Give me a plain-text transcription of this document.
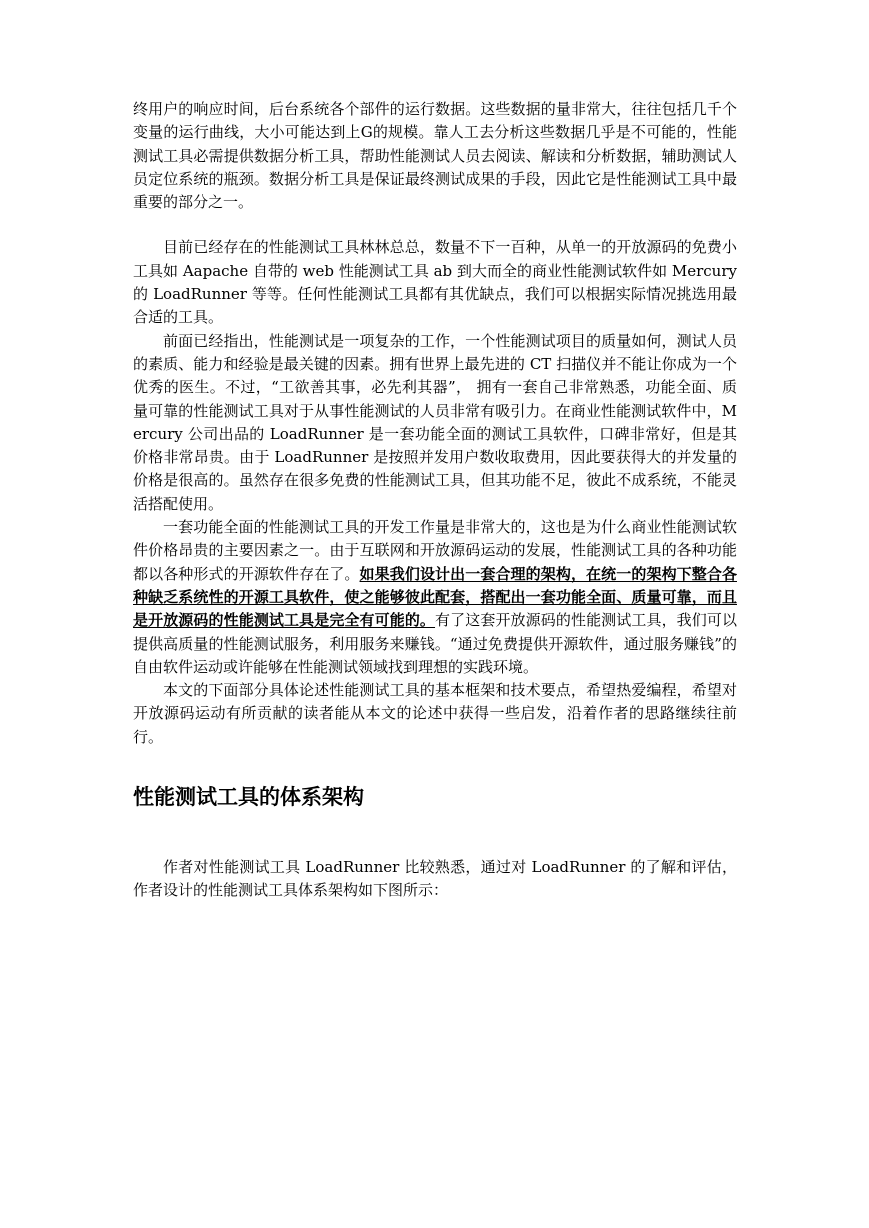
终用户的响应时间，后台系统各个部件的运行数据。这些数据的量非常大，往往包括几千个变量的运行曲线，大小可能达到上G的规模。靠人工去分析这些数据几乎是不可能的，性能测试工具必需提供数据分析工具，帮助性能测试人员去阅读、解读和分析数据，辅助测试人员定位系统的瓶颈。数据分析工具是保证最终测试成果的手段，因此它是性能测试工具中最重要的部分之一。

目前已经存在的性能测试工具林林总总，数量不下一百种，从单一的开放源码的免费小工具如 Aapache 自带的 web 性能测试工具 ab 到大而全的商业性能测试软件如 Mercury 的 LoadRunner 等等。任何性能测试工具都有其优缺点，我们可以根据实际情况挑选用最合适的工具。

前面已经指出，性能测试是一项复杂的工作，一个性能测试项目的质量如何，测试人员的素质、能力和经验是最关键的因素。拥有世界上最先进的 CT 扫描仪并不能让你成为一个优秀的医生。不过，“工欲善其事，必先利其器”， 拥有一套自己非常熟悉，功能全面、质量可靠的性能测试工具对于从事性能测试的人员非常有吸引力。在商业性能测试软件中，Mercury 公司出品的 LoadRunner 是一套功能全面的测试工具软件，口碑非常好，但是其价格非常昂贵。由于 LoadRunner 是按照并发用户数收取费用，因此要获得大的并发量的价格是很高的。虽然存在很多免费的性能测试工具，但其功能不足，彼此不成系统，不能灵活搭配使用。

一套功能全面的性能测试工具的开发工作量是非常大的，这也是为什么商业性能测试软件价格昂贵的主要因素之一。由于互联网和开放源码运动的发展，性能测试工具的各种功能都以各种形式的开源软件存在了。如果我们设计出一套合理的架构，在统一的架构下整合各种缺乏系统性的开源工具软件，使之能够彼此配套，搭配出一套功能全面、质量可靠，而且是开放源码的性能测试工具是完全有可能的。有了这套开放源码的性能测试工具，我们可以提供高质量的性能测试服务，利用服务来赚钱。“通过免费提供开源软件，通过服务赚钱”的自由软件运动或许能够在性能测试领域找到理想的实践环境。

本文的下面部分具体论述性能测试工具的基本框架和技术要点，希望热爱编程，希望对开放源码运动有所贡献的读者能从本文的论述中获得一些启发，沿着作者的思路继续往前行。

性能测试工具的体系架构

作者对性能测试工具 LoadRunner 比较熟悉，通过对 LoadRunner 的了解和评估，作者设计的性能测试工具体系架构如下图所示：
